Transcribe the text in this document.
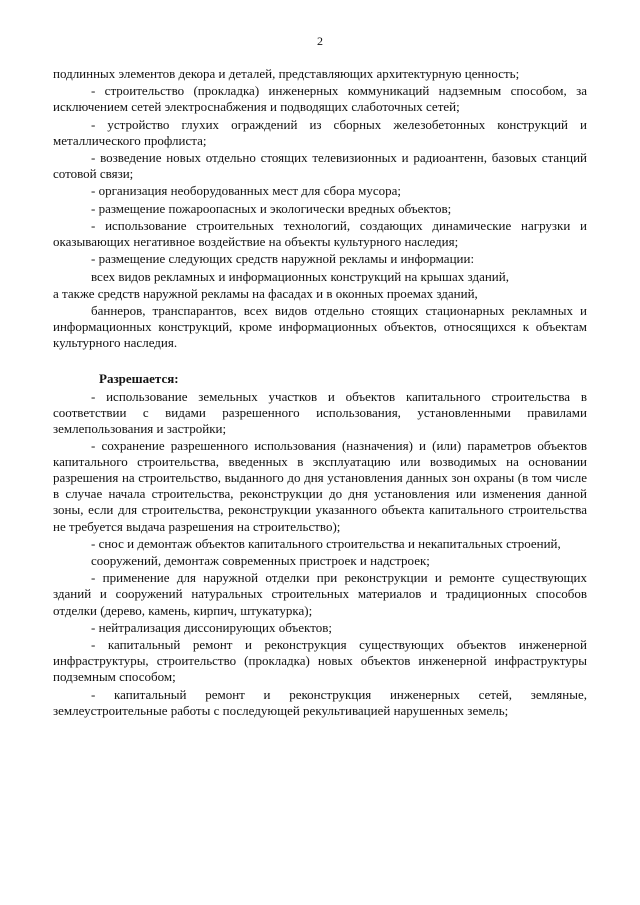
2

подлинных элементов декора и деталей, представляющих архитектурную ценность;

- строительство (прокладка) инженерных коммуникаций надземным способом, за исключением сетей электроснабжения и подводящих слаботочных сетей;

- устройство глухих ограждений из сборных железобетонных конструкций и металлического профлиста;

- возведение новых отдельно стоящих телевизионных и радиоантенн, базовых станций сотовой связи;

- организация необорудованных мест для сбора мусора;

- размещение пожароопасных и экологически вредных объектов;

- использование строительных технологий, создающих динамические нагрузки и оказывающих негативное воздействие на объекты культурного наследия;

- размещение следующих средств наружной рекламы и информации:

всех видов рекламных и информационных конструкций на крышах зданий,

а также средств наружной рекламы на фасадах и в оконных проемах зданий,

баннеров, транспарантов, всех видов отдельно стоящих стационарных рекламных и информационных конструкций, кроме информационных объектов, относящихся к объектам культурного наследия.

Разрешается:

- использование земельных участков и объектов капитального строительства в соответствии с видами разрешенного использования, установленными правилами землепользования и застройки;

- сохранение разрешенного использования (назначения) и (или) параметров объектов капитального строительства, введенных в эксплуатацию или возводимых на основании разрешения на строительство, выданного до дня установления данных зон охраны (в том числе в случае начала строительства, реконструкции до дня установления или изменения данной зоны, если для строительства, реконструкции указанного объекта капитального строительства не требуется выдача разрешения на строительство);

- снос и демонтаж объектов капитального строительства и некапитальных строений,

сооружений, демонтаж современных пристроек и надстроек;

- применение для наружной отделки при реконструкции и ремонте существующих зданий и сооружений натуральных строительных материалов и традиционных способов отделки (дерево, камень, кирпич, штукатурка);

- нейтрализация диссонирующих объектов;

- капитальный ремонт и реконструкция существующих объектов инженерной инфраструктуры, строительство (прокладка) новых объектов инженерной инфраструктуры подземным способом;

- капитальный ремонт и реконструкция инженерных сетей, земляные, землеустроительные работы с последующей рекультивацией нарушенных земель;
